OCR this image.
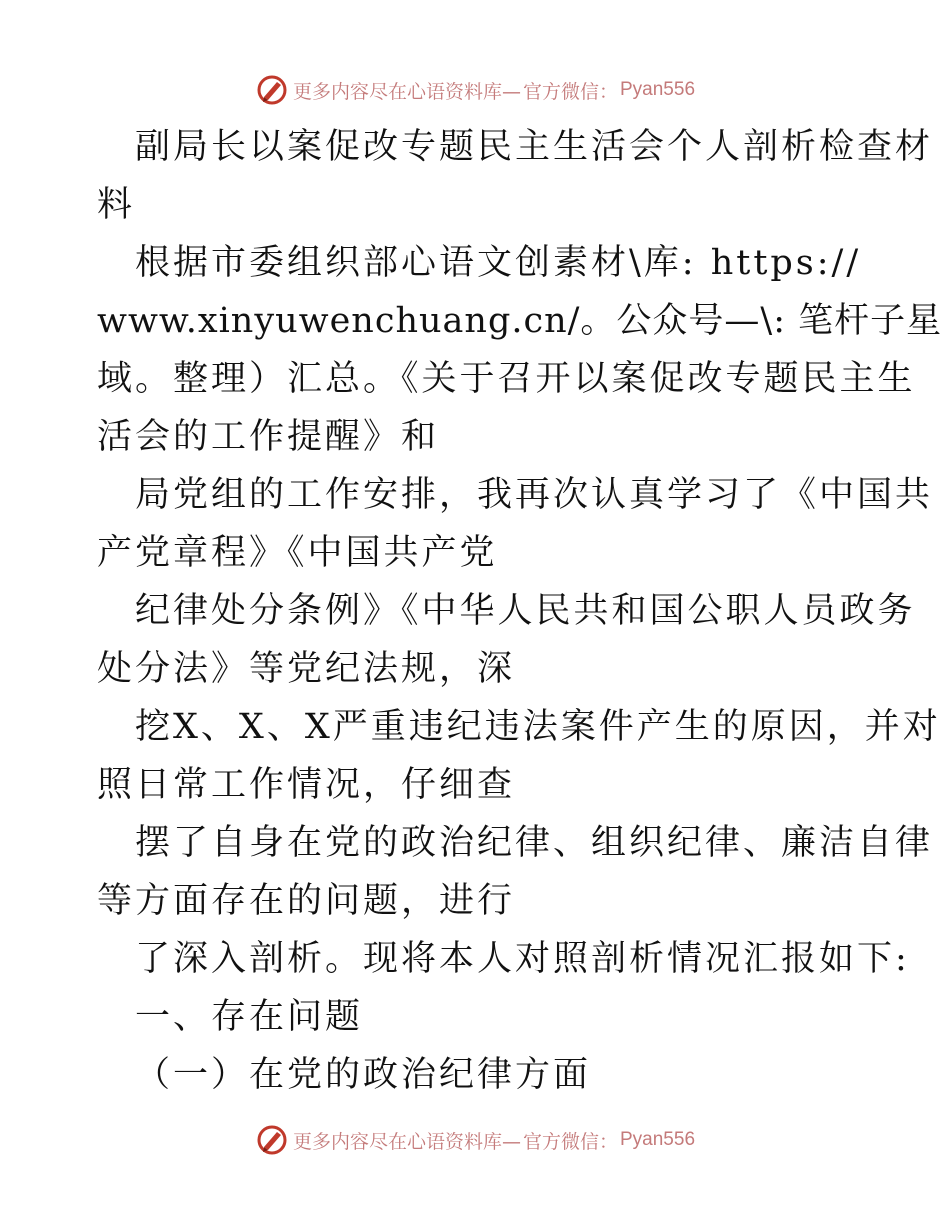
更多内容尽在心语资料库— 官方微信： Pyan556
副局长以案促改专题民主生活会个人剖析检查材
料
根据市委组织部心语文创素材\库: https://
www.xinyuwenchuang.cn/。公众号—\: 笔杆子星
域。整理）汇总。《关于召开以案促改专题民主生
活会的工作提醒》和
局党组的工作安排，我再次认真学习了《中国共
产党章程》《中国共产党
纪律处分条例》《中华人民共和国公职人员政务
处分法》等党纪法规，深
挖X、X、X严重违纪违法案件产生的原因，并对
照日常工作情况，仔细查
摆了自身在党的政治纪律、组织纪律、廉洁自律
等方面存在的问题，进行
了深入剖析。现将本人对照剖析情况汇报如下:
一、存在问题
（一）在党的政治纪律方面
更多内容尽在心语资料库— 官方微信： Pyan556
